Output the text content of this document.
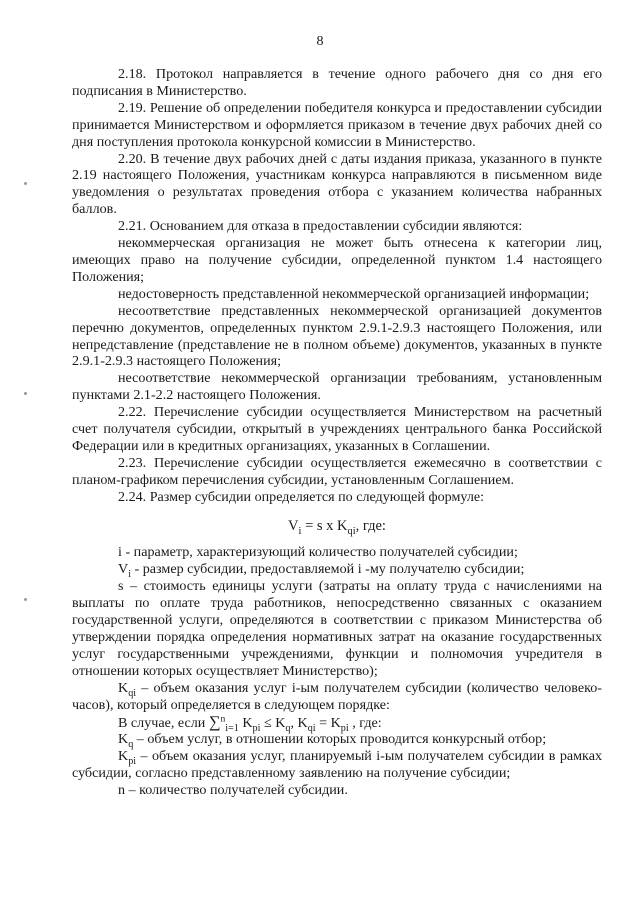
8

2.18. Протокол направляется в течение одного рабочего дня со дня его подписания в Министерство.

2.19. Решение об определении победителя конкурса и предоставлении субсидии принимается Министерством и оформляется приказом в течение двух рабочих дней со дня поступления протокола конкурсной комиссии в Министерство.

2.20. В течение двух рабочих дней с даты издания приказа, указанного в пункте 2.19 настоящего Положения, участникам конкурса направляются в письменном виде уведомления о результатах проведения отбора с указанием количества набранных баллов.

2.21. Основанием для отказа в предоставлении субсидии являются:

некоммерческая организация не может быть отнесена к категории лиц, имеющих право на получение субсидии, определенной пунктом 1.4 настоящего Положения;

недостоверность представленной некоммерческой организацией информации;

несоответствие представленных некоммерческой организацией документов перечню документов, определенных пунктом 2.9.1-2.9.3 настоящего Положения, или непредставление (представление не в полном объеме) документов, указанных в пункте 2.9.1-2.9.3 настоящего Положения;

несоответствие некоммерческой организации требованиям, установленным пунктами 2.1-2.2 настоящего Положения.

2.22. Перечисление субсидии осуществляется Министерством на расчетный счет получателя субсидии, открытый в учреждениях центрального банка Российской Федерации или в кредитных организациях, указанных в Соглашении.

2.23. Перечисление субсидии осуществляется ежемесячно в соответствии с планом-графиком перечисления субсидии, установленным Соглашением.

2.24. Размер субсидии определяется по следующей формуле:

$V_i = s$ x $K_{qi}$, где:

i - параметр, характеризующий количество получателей субсидии;

$V_i$ - размер субсидии, предоставляемой i -му получателю субсидии;

s – стоимость единицы услуги (затраты на оплату труда с начислениями на выплаты по оплате труда работников, непосредственно связанных с оказанием государственной услуги, определяются в соответствии с приказом Министерства об утверждении порядка определения нормативных затрат на оказание государственных услуг государственными учреждениями, функции и полномочия учредителя в отношении которых осуществляет Министерство);

$K_{qi}$ – объем оказания услуг i-ым получателем субсидии (количество человеко-часов), который определяется в следующем порядке:

В случае, если ∑$^n_{i=1}$ $K_{pi} \le K_q$, $K_{qi} = K_{pi}$ , где:

$K_q$ – объем услуг, в отношении которых проводится конкурсный отбор;

$K_{pi}$ – объем оказания услуг, планируемый i-ым получателем субсидии в рамках субсидии, согласно представленному заявлению на получение субсидии;

n – количество получателей субсидии.
